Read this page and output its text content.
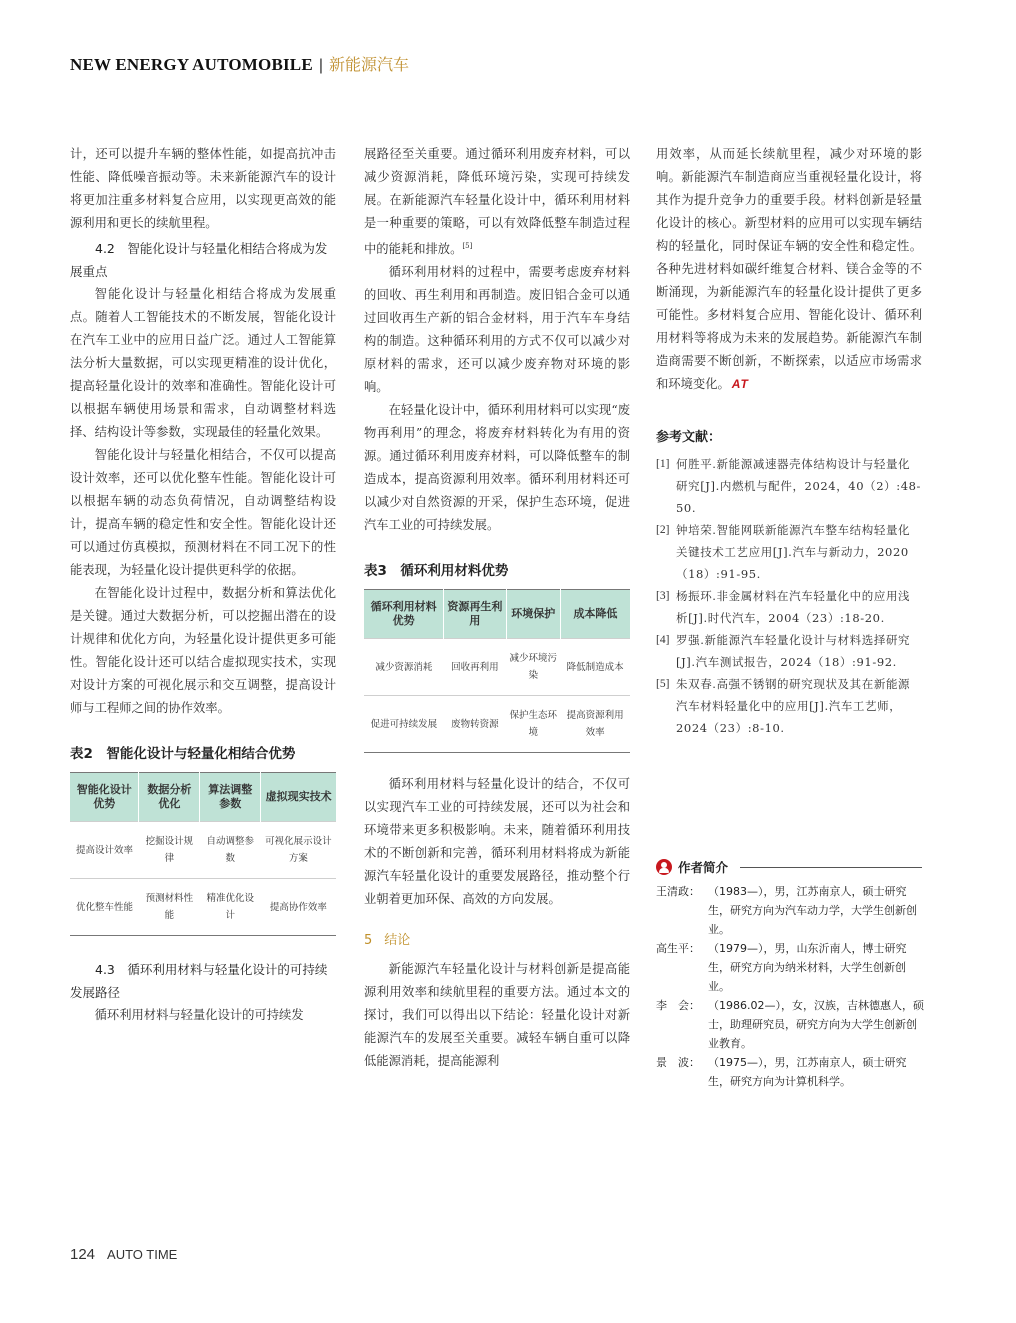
NEW ENERGY AUTOMOBILE | 新能源汽车

计，还可以提升车辆的整体性能，如提高抗冲击性能、降低噪音振动等。未来新能源汽车的设计将更加注重多材料复合应用，以实现更高效的能源利用和更长的续航里程。

4.2　 智能化设计与轻量化相结合将成为发展重点

智能化设计与轻量化相结合将成为发展重点。随着人工智能技术的不断发展，智能化设计在汽车工业中的应用日益广泛。通过人工智能算法分析大量数据，可以实现更精准的设计优化，提高轻量化设计的效率和准确性。智能化设计可以根据车辆使用场景和需求，自动调整材料选择、结构设计等参数，实现最佳的轻量化效果。

智能化设计与轻量化相结合，不仅可以提高设计效率，还可以优化整车性能。智能化设计可以根据车辆的动态负荷情况，自动调整结构设计，提高车辆的稳定性和安全性。智能化设计还可以通过仿真模拟，预测材料在不同工况下的性能表现，为轻量化设计提供更科学的依据。

在智能化设计过程中，数据分析和算法优化是关键。通过大数据分析，可以挖掘出潜在的设计规律和优化方向，为轻量化设计提供更多可能性。智能化设计还可以结合虚拟现实技术，实现对设计方案的可视化展示和交互调整，提高设计师与工程师之间的协作效率。

表2　智能化设计与轻量化相结合优势
智能化设计优势	数据分析优化	算法调整参数	虚拟现实技术
提高设计效率	挖掘设计规律	自动调整参数	可视化展示设计方案
优化整车性能	预测材料性能	精准优化设计	提高协作效率
4.3　 循环利用材料与轻量化设计的可持续发展路径

循环利用材料与轻量化设计的可持续发

展路径至关重要。通过循环利用废弃材料，可以减少资源消耗，降低环境污染，实现可持续发展。在新能源汽车轻量化设计中，循环利用材料是一种重要的策略，可以有效降低整车制造过程中的能耗和排放。[5]

循环利用材料的过程中，需要考虑废弃材料的回收、再生利用和再制造。废旧铝合金可以通过回收再生产新的铝合金材料，用于汽车车身结构的制造。这种循环利用的方式不仅可以减少对原材料的需求，还可以减少废弃物对环境的影响。

在轻量化设计中，循环利用材料可以实现“废物再利用”的理念，将废弃材料转化为有用的资源。通过循环利用废弃材料，可以降低整车的制造成本，提高资源利用效率。循环利用材料还可以减少对自然资源的开采，保护生态环境，促进汽车工业的可持续发展。

表3　循环利用材料优势
循环利用材料优势	资源再生利用	环境保护	成本降低
减少资源消耗	回收再利用	减少环境污染	降低制造成本
促进可持续发展	废物转资源	保护生态环境	提高资源利用效率

循环利用材料与轻量化设计的结合，不仅可以实现汽车工业的可持续发展，还可以为社会和环境带来更多积极影响。未来，随着循环利用技术的不断创新和完善，循环利用材料将成为新能源汽车轻量化设计的重要发展路径，推动整个行业朝着更加环保、高效的方向发展。

5 结论

新能源汽车轻量化设计与材料创新是提高能源利用效率和续航里程的重要方法。通过本文的探讨，我们可以得出以下结论：轻量化设计对新能源汽车的发展至关重要。减轻车辆自重可以降低能源消耗，提高能源利

用效率，从而延长续航里程，减少对环境的影响。新能源汽车制造商应当重视轻量化设计，将其作为提升竞争力的重要手段。材料创新是轻量化设计的核心。新型材料的应用可以实现车辆结构的轻量化，同时保证车辆的安全性和稳定性。各种先进材料如碳纤维复合材料、镁合金等的不断涌现，为新能源汽车的轻量化设计提供了更多可能性。多材料复合应用、智能化设计、循环利用材料等将成为未来的发展趋势。新能源汽车制造商需要不断创新，不断探索，以适应市场需求和环境变化。 ΑT

参考文献：
[1] 何胜平.新能源减速器壳体结构设计与轻量化研究[J].内燃机与配件，2024，40（2）:48-50.
[2] 钟培荣.智能网联新能源汽车整车结构轻量化关键技术工艺应用[J].汽车与新动力，2020（18）:91-95.
[3] 杨振环.非金属材料在汽车轻量化中的应用浅析[J].时代汽车，2004（23）:18-20.
[4] 罗强.新能源汽车轻量化设计与材料选择研究[J].汽车测试报告，2024（18）:91-92.
[5] 朱双春.高强不锈钢的研究现状及其在新能源汽车材料轻量化中的应用[J].汽车工艺师，2024（23）:8-10.
作者简介
王清政： （1983—），男，江苏南京人，硕士研究生，研究方向为汽车动力学，大学生创新创业。
高生平： （1979—），男，山东沂南人，博士研究生，研究方向为纳米材料，大学生创新创业。
李　会： （1986.02—），女，汉族，吉林德惠人，硕士，助理研究员，研究方向为大学生创新创业教育。
景　波： （1975—），男，江苏南京人，硕士研究生，研究方向为计算机科学。
124 AUTO TIME
